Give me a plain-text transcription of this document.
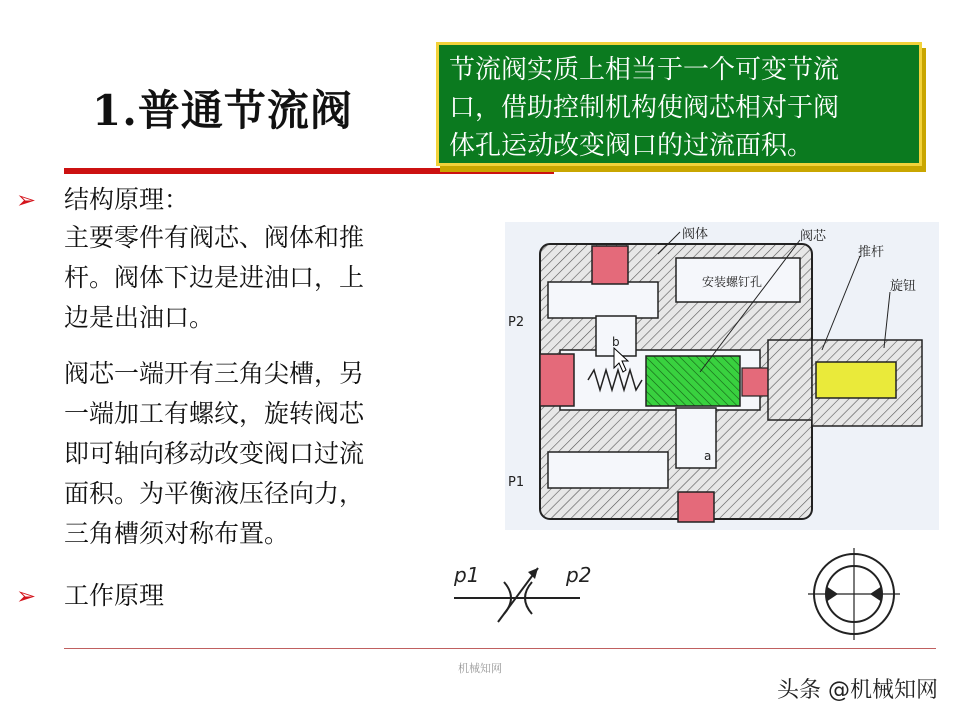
1.普通节流阀
节流阀实质上相当于一个可变节流
口，借助控制机构使阀芯相对于阀
体孔运动改变阀口的过流面积。
➢ 结构原理：
主要零件有阀芯、阀体和推
杆。阀体下边是进油口，上
边是出油口。
阀芯一端开有三角尖槽，另
一端加工有螺纹，旋转阀芯
即可轴向移动改变阀口过流
面积。为平衡液压径向力，
三角槽须对称布置。
➢ 工作原理
安装螺钉孔
阀体	阀芯
推杆
旋钮
P2
P1
b
a
p1	p2
机械知网
头条 @机械知网
